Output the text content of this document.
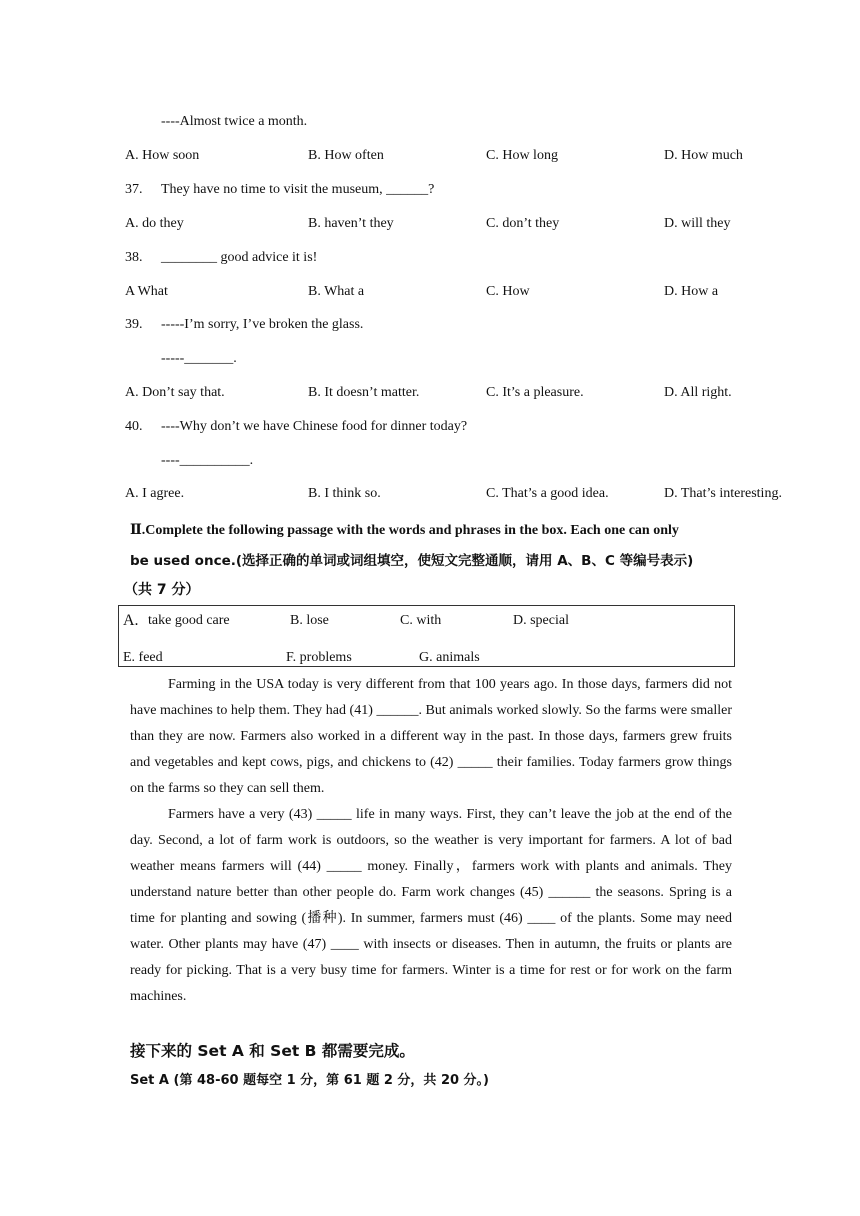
----Almost twice a month.
A. How soon	B. How often	C. How long	D. How much
37. They have no time to visit the museum, ______?
A. do they	B. haven’t they	C. don’t they	D. will they
38. ________ good advice it is!
A What	B. What a	C. How	D. How a
39. -----I’m sorry, I’ve broken the glass.
-----_______.
A. Don’t say that.	B. It doesn’t matter.	C. It’s a pleasure.	D. All right.
40. ----Why don’t we have Chinese food for dinner today?
----__________.
A. I agree.	B. I think so.	C. That’s a good idea.	D. That’s interesting.
Ⅱ.Complete the following passage with the words and phrases in the box. Each one can only
be used once.(选择正确的单词或词组填空，使短文完整通顺，请用 A、B、C 等编号表示)
（共 7 分）
A. take good care	B. lose	C. with	D. special
E. feed	F. problems	G. animals

Farming in the USA today is very different from that 100 years ago. In those days, farmers did not have machines to help them. They had (41) ______. But animals worked slowly. So the farms were smaller than they are now. Farmers also worked in a different way in the past. In those days, farmers grew fruits and vegetables and kept cows, pigs, and chickens to (42) _____ their families. Today farmers grow things on the farms so they can sell them.

Farmers have a very (43) _____ life in many ways. First, they can’t leave the job at the end of the day. Second, a lot of farm work is outdoors, so the weather is very important for farmers. A lot of bad weather means farmers will (44) _____ money. Finally，farmers work with plants and animals. They understand nature better than other people do. Farm work changes (45) ______ the seasons. Spring is a time for planting and sowing (播种). In summer, farmers must (46) ____ of the plants. Some may need water. Other plants may have (47) ____ with insects or diseases. Then in autumn, the fruits or plants are ready for picking. That is a very busy time for farmers. Winter is a time for rest or for work on the farm machines.

接下来的 Set A 和 Set B 都需要完成。
Set A (第 48-60 题每空 1 分，第 61 题 2 分，共 20 分。)
